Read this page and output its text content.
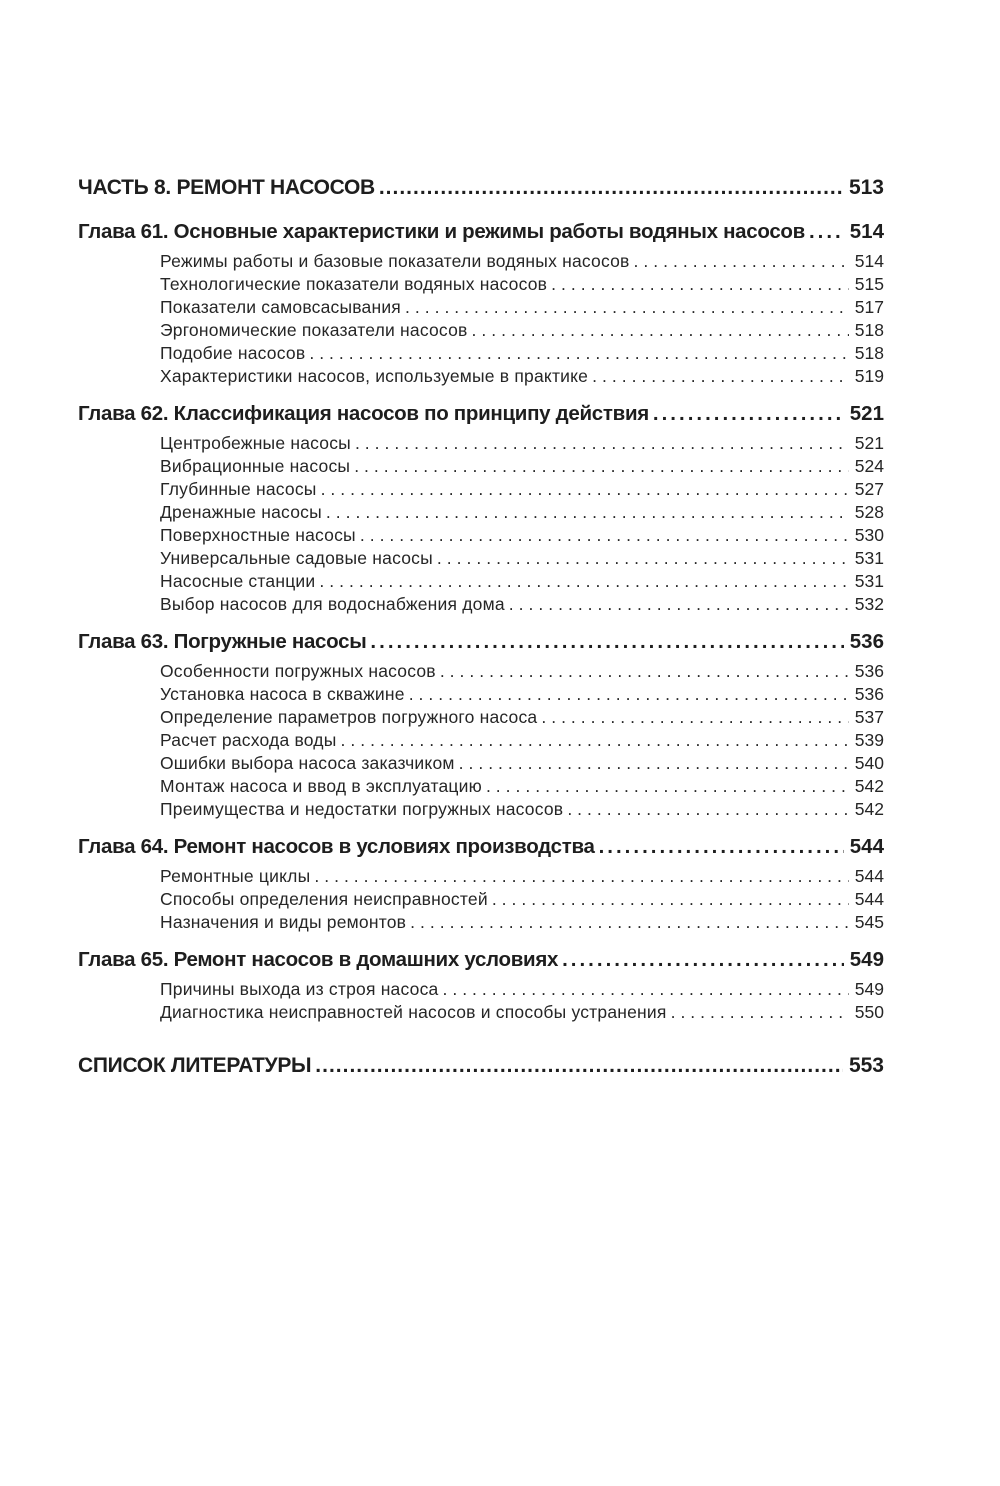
ЧАСТЬ 8. РЕМОНТ НАСОСОВ .....	513
Глава 61. Основные характеристики и режимы работы водяных насосов ..... 514
Режимы работы и базовые показатели водяных насосов .....	514
Технологические показатели водяных насосов .....	515
Показатели самовсасывания .....	517
Эргономические показатели насосов .....	518
Подобие насосов .....	518
Характеристики насосов, используемые в практике .....	519
Глава 62. Классификация насосов по принципу действия .....	521
Центробежные насосы .....	521
Вибрационные насосы .....	524
Глубинные насосы .....	527
Дренажные насосы .....	528
Поверхностные насосы .....	530
Универсальные садовые насосы .....	531
Насосные станции .....	531
Выбор насосов для водоснабжения дома .....	532
Глава 63. Погружные насосы .....	536
Особенности погружных насосов .....	536
Установка насоса в скважине .....	536
Определение параметров погружного насоса .....	537
Расчет расхода воды .....	539
Ошибки выбора насоса заказчиком .....	540
Монтаж насоса и ввод в эксплуатацию .....	542
Преимущества и недостатки погружных насосов .....	542
Глава 64. Ремонт насосов в условиях производства .....	544
Ремонтные циклы .....	544
Способы определения неисправностей .....	544
Назначения и виды ремонтов .....	545
Глава 65. Ремонт насосов в домашних условиях .....	549
Причины выхода из строя насоса .....	549
Диагностика неисправностей насосов и способы устранения .....	550
СПИСОК ЛИТЕРАТУРЫ .....	553
